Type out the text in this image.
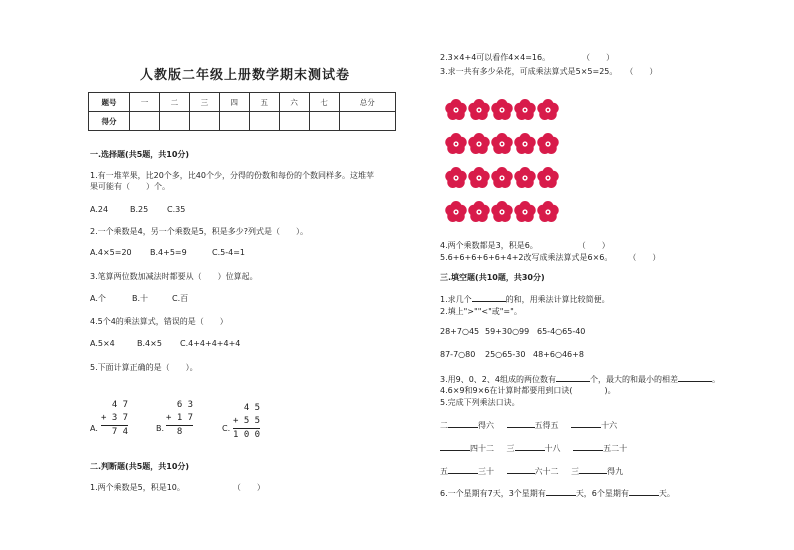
人教版二年级上册数学期末测试卷
题号	一	二	三	四	五	六	七	总分
得分								
一.选择题(共5题，共10分)
1.有一堆苹果，比20个多，比40个少，分得的份数和每份的个数同样多。这堆苹
果可能有（　　）个。
A.24	B.25 C.35
2.一个乘数是4，另一个乘数是5，积是多少?列式是（　　）。
A.4×5=20 B.4+5=9	C.5-4=1
3.笔算两位数加减法时都要从（　　）位算起。
A.个	B.十	C.百
4.5个4的乘法算式，错误的是（　　）
A.5×4	B.4×5 C.4+4+4+4+4
5.下面计算正确的是（　　）。
A.
4 7
+ 3 7
7 4	B.
6 3
+ 1 7
8	C.
4 5
+ 5 5
1 0 0
二.判断题(共5题，共10分)
1.两个乘数是5，积是10。　　　　　　　（　　）
2.3×4+4可以看作4×4=16。　　　　　（　　）
3.求一共有多少朵花，可成乘法算式是5×5=25。　　（　　）
4.两个乘数都是3，积是6。　　　　　　（　　）
5.6+6+6+6+6+4+2改写成乘法算式是6×6。　　　（　　）
三.填空题(共10题，共30分)
1.求几个	的和，用乘法计算比较简便。
2.填上">""<"或"="。
28+7○45 59+30○99 65-4○65-40
87-7○80 25○65-30 48+6○46+8
3.用9、0、2、4组成的两位数有	个，最大的和最小的相差	。
4.6×9和9×6在计算时都要用到口诀(　　　　)。
5.完成下列乘法口诀。
二	得六	五得五	十六
四十二 三	十八	五二十
五	三十	六十二 三	得九
6.一个星期有7天，3个星期有	天，6个星期有	天。
